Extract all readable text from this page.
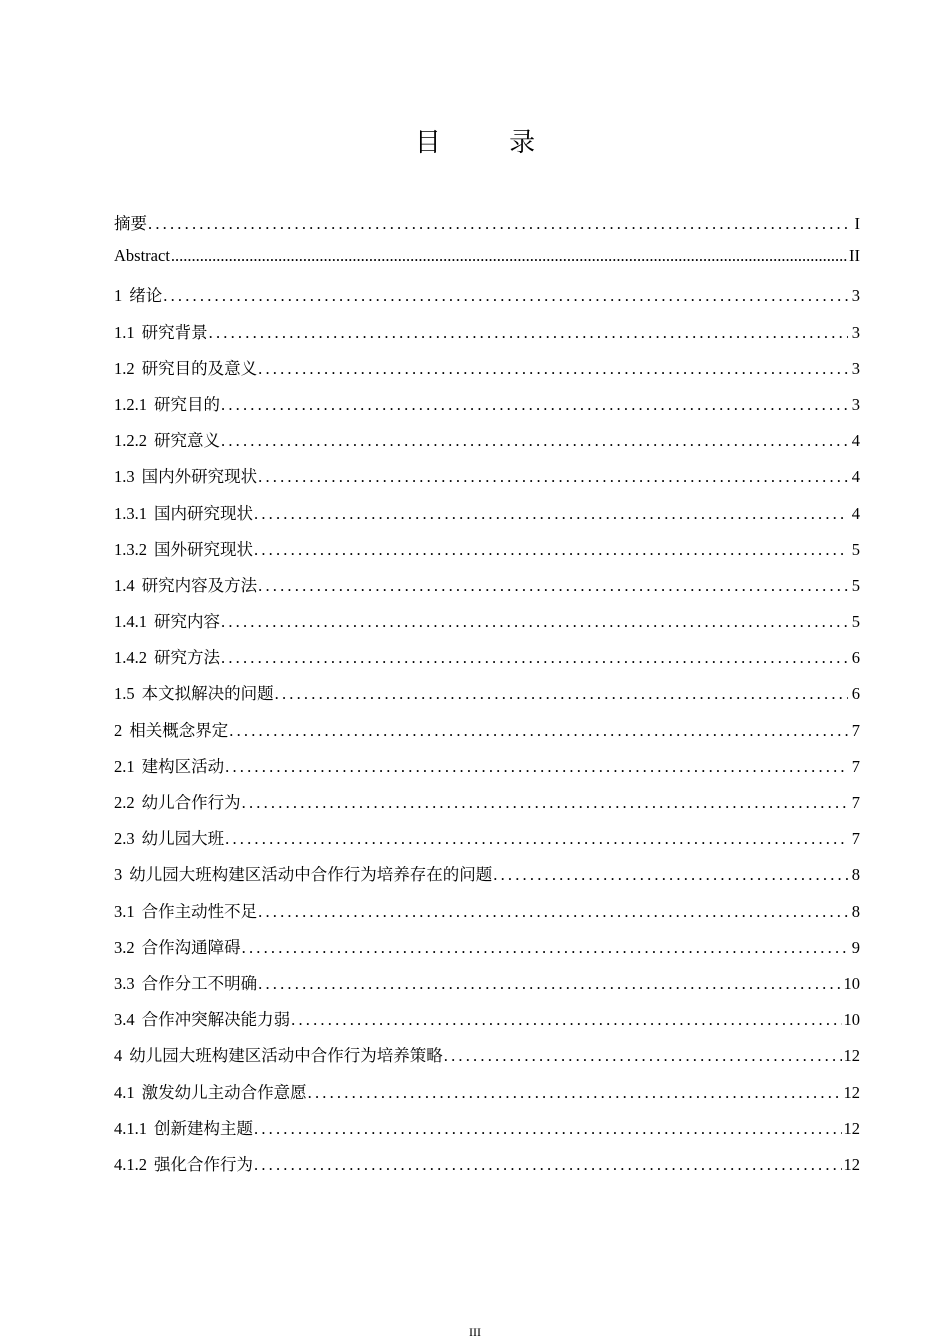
目 录
摘要 .....	I
Abstract .....	II
1 绪论 .....	3
1.1 研究背景 .....	3
1.2 研究目的及意义 .....	3
1.2.1 研究目的 .....	3
1.2.2 研究意义 .....	4
1.3 国内外研究现状 .....	4
1.3.1 国内研究现状 .....	4
1.3.2 国外研究现状 .....	5
1.4 研究内容及方法 .....	5
1.4.1 研究内容 .....	5
1.4.2 研究方法 .....	6
1.5 本文拟解决的问题 .....	6
2 相关概念界定 .....	7
2.1 建构区活动 .....	7
2.2 幼儿合作行为 .....	7
2.3 幼儿园大班 .....	7
3 幼儿园大班构建区活动中合作行为培养存在的问题 .....	8
3.1 合作主动性不足 .....	8
3.2 合作沟通障碍 .....	9
3.3 合作分工不明确 .....	10
3.4 合作冲突解决能力弱 .....	10
4 幼儿园大班构建区活动中合作行为培养策略 .....	12
4.1 激发幼儿主动合作意愿 .....	12
4.1.1 创新建构主题 .....	12
4.1.2 强化合作行为 .....	12
III
